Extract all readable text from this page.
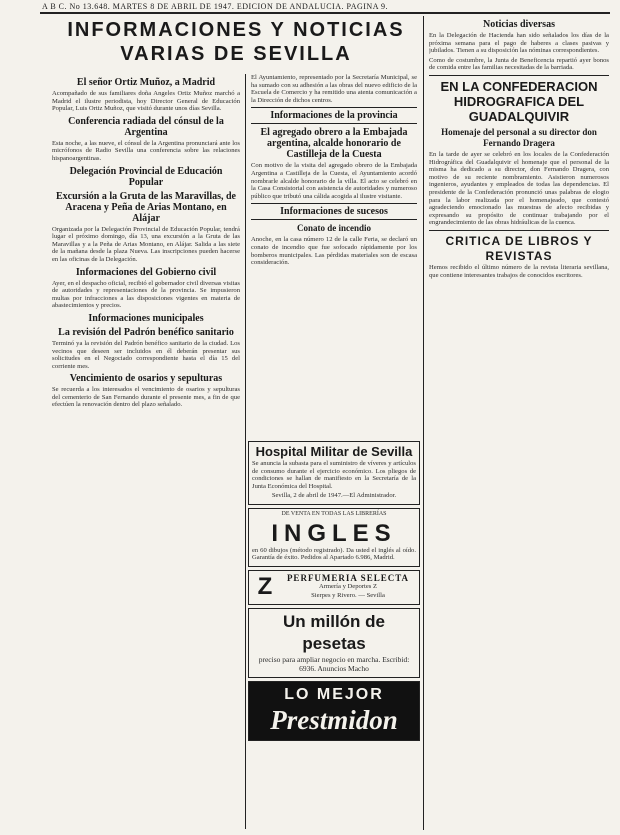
A B C. No 13.648. MARTES 8 DE ABRIL DE 1947. EDICION DE ANDALUCIA. PAGINA 9.
INFORMACIONES Y NOTICIAS VARIAS DE SEVILLA
El señor Ortiz Muñoz, a Madrid

Acompañado de sus familiares doña Angeles Ortiz Muñoz marchó a Madrid el ilustre periodista, hoy Director General de Educación Popular, Luis Ortiz Muñoz, que visitó durante unos días Sevilla.

Conferencia radiada del cónsul de la Argentina

Esta noche, a las nueve, el cónsul de la Argentina pronunciará ante los micrófonos de Radio Sevilla una conferencia sobre las relaciones hispanoargentinas.

Delegación Provincial de Educación Popular
Excursión a la Gruta de las Maravillas, de Aracena y Peña de Arias Montano, en Alájar

Organizada por la Delegación Provincial de Educación Popular, tendrá lugar el próximo domingo, día 13, una excursión a la Gruta de las Maravillas y a la Peña de Arias Montano, en Alájar. Salida a las siete de la mañana desde la plaza Nueva. Las inscripciones pueden hacerse en las oficinas de la Delegación.

Informaciones del Gobierno civil

Ayer, en el despacho oficial, recibió el gobernador civil diversas visitas de autoridades y representaciones de la provincia. Se impusieron multas por infracciones a las disposiciones vigentes en materia de abastecimientos y precios.

Informaciones municipales
La revisión del Padrón benéfico sanitario

Terminó ya la revisión del Padrón benéfico sanitario de la ciudad. Los vecinos que deseen ser incluidos en él deberán presentar sus solicitudes en el Negociado correspondiente hasta el día 15 del corriente mes.

Vencimiento de osarios y sepulturas

Se recuerda a los interesados el vencimiento de osarios y sepulturas del cementerio de San Fernando durante el presente mes, a fin de que efectúen la renovación dentro del plazo señalado.

El Ayuntamiento, representado por la Secretaría Municipal, se ha sumado con su adhesión a las obras del nuevo edificio de la Escuela de Comercio y ha remitido una atenta comunicación a la Dirección de dichos centros.

Informaciones de la provincia
El agregado obrero a la Embajada argentina, alcalde honorario de Castilleja de la Cuesta

Con motivo de la visita del agregado obrero de la Embajada Argentina a Castilleja de la Cuesta, el Ayuntamiento acordó nombrarle alcalde honorario de la villa. El acto se celebró en la Casa Consistorial con asistencia de autoridades y numeroso público que tributó una cálida acogida al ilustre visitante.

Informaciones de sucesos
Conato de incendio

Anoche, en la casa número 12 de la calle Feria, se declaró un conato de incendio que fue sofocado rápidamente por los bomberos municipales. Las pérdidas materiales son de escasa consideración.

Hospital Militar de Sevilla

Se anuncia la subasta para el suministro de víveres y artículos de consumo durante el ejercicio económico. Los pliegos de condiciones se hallan de manifiesto en la Secretaría de la Junta Económica del Hospital.

Sevilla, 2 de abril de 1947.—El Administrador.

DE VENTA EN TODAS LAS LIBRERÍAS
INGLES

en 60 dibujos (método registrado). Da usted el inglés al oído. Garantía de éxito. Pedidos al Apartado 6.986, Madrid.

Z	PERFUMERIA SELECTA
Armería y Deportes Z
Sierpes y Rivero. — Sevilla
Un millón de pesetas

preciso para ampliar negocio en marcha. Escribid: 6936. Anuncios Macho

LO MEJOR
Prestmidon
Noticias diversas

En la Delegación de Hacienda han sido señalados los días de la próxima semana para el pago de haberes a clases pasivas y jubilados. Tienen a su disposición las nóminas correspondientes.

Como de costumbre, la Junta de Beneficencia repartió ayer bonos de comida entre las familias necesitadas de la barriada.

EN LA CONFEDERACION HIDROGRAFICA DEL GUADALQUIVIR
Homenaje del personal a su director don Fernando Dragera

En la tarde de ayer se celebró en los locales de la Confederación Hidrográfica del Guadalquivir el homenaje que el personal de la misma ha dedicado a su director, don Fernando Dragera, con motivo de su reciente nombramiento. Asistieron numerosos ingenieros, ayudantes y empleados de todas las dependencias. El presidente de la Confederación pronunció unas palabras de elogio para la labor realizada por el homenajeado, que contestó agradeciendo emocionado las muestras de afecto recibidas y expresando su propósito de continuar trabajando por el engrandecimiento de las obras hidráulicas de la cuenca.

CRITICA DE LIBROS Y REVISTAS

Hemos recibido el último número de la revista literaria sevillana, que contiene interesantes trabajos de conocidos escritores.
